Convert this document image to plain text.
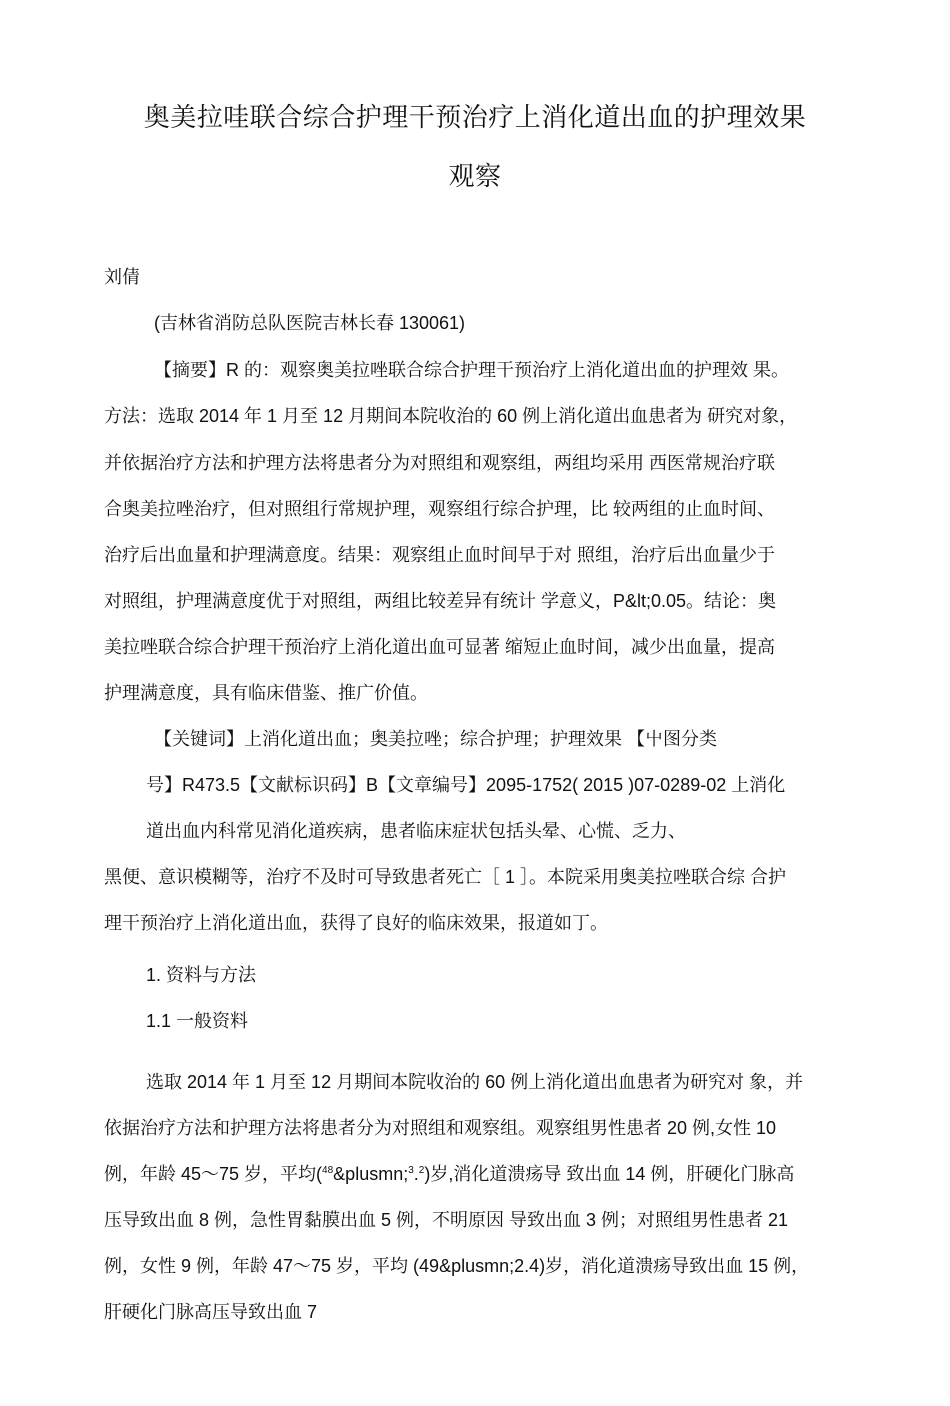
奥美拉哇联合综合护理干预治疗上消化道出血的护理效果
观察
刘倩
(吉林省消防总队医院吉林长春 130061)
【摘要】R 的：观察奥美拉唑联合综合护理干预治疗上消化道出血的护理效 果。
方法：选取 2014 年 1 月至 12 月期间本院收治的 60 例上消化道出血患者为 研究对象，
并依据治疗方法和护理方法将患者分为对照组和观察组，两组均采用 西医常规治疗联
合奥美拉唑治疗，但对照组行常规护理，观察组行综合护理，比 较两组的止血时间、
治疗后出血量和护理满意度。结果：观察组止血时间早于对 照组，治疗后出血量少于
对照组，护理满意度优于对照组，两组比较差异有统计 学意义，P&lt;0.05。结论：奥
美拉唑联合综合护理干预治疗上消化道出血可显著 缩短止血时间，减少出血量，提高
护理满意度，具有临床借鉴、推广价值。
【关键词】上消化道出血；奥美拉唑；综合护理；护理效果 【屮图分类
号】R473.5【文献标识码】B【文章编号】2095-1752( 2015 )07-0289-02 上消化
道出血内科常见消化道疾病，患者临床症状包括头晕、心慌、乏力、
黑便、意识模糊等，治疗不及时可导致患者死亡［ 1 ］。本院采用奥美拉唑联合综 合护
理干预治疗上消化道出血，获得了良好的临床效果，报道如丁。
1. 资料与方法
1.1 一般资料
选取 2014 年 1 月至 12 月期间本院收治的 60 例上消化道出血患者为研究对 象，并
依据治疗方法和护理方法将患者分为对照组和观察组。观察组男性患者 20 例,女性 10
例，年龄 45〜75 岁，平均($^{48}$&plusmn;$^3$.$^2$)岁,消化道溃疡导 致出血 14 例，肝硬化门脉高
压导致出血 8 例，急性胃黏膜出血 5 例，不明原因 导致出血 3 例；对照组男性患者 21
例，女性 9 例，年龄 47〜75 岁，平均 (49&plusmn;2.4)岁，消化道溃疡导致出血 15 例，
肝硬化门脉高压导致出血 7
